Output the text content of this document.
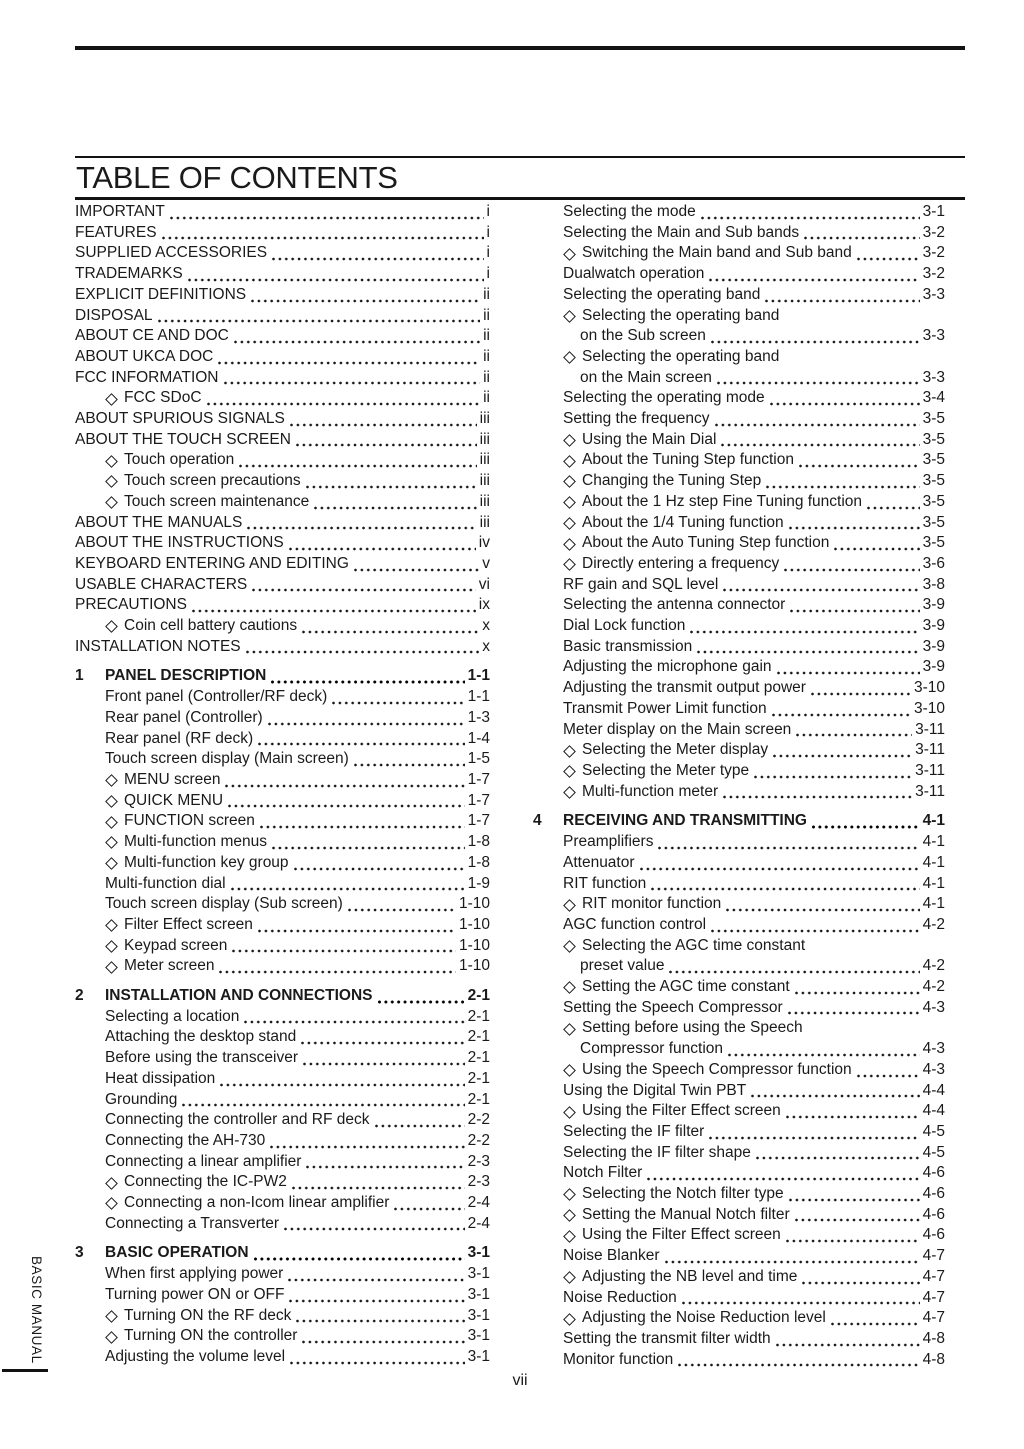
TABLE OF CONTENTS
IMPORTANT	i
FEATURES	i
SUPPLIED ACCESSORIES	i
TRADEMARKS	i
EXPLICIT DEFINITIONS	ii
DISPOSAL	ii
ABOUT CE AND DOC	ii
ABOUT UKCA DOC	ii
FCC INFORMATION	ii
FCC SDoC	ii
ABOUT SPURIOUS SIGNALS	iii
ABOUT THE TOUCH SCREEN	iii
Touch operation	iii
Touch screen precautions	iii
Touch screen maintenance	iii
ABOUT THE MANUALS	iii
ABOUT THE INSTRUCTIONS	iv
KEYBOARD ENTERING AND EDITING	v
USABLE CHARACTERS	vi
PRECAUTIONS	ix
Coin cell battery cautions	x
INSTALLATION NOTES	x
1	PANEL DESCRIPTION	1-1
Front panel (Controller/RF deck)	1-1
Rear panel (Controller)	1-3
Rear panel (RF deck)	1-4
Touch screen display (Main screen)	1-5
MENU screen	1-7
QUICK MENU	1-7
FUNCTION screen	1-7
Multi-function menus	1-8
Multi-function key group	1-8
Multi-function dial	1-9
Touch screen display (Sub screen)	1-10
Filter Effect screen	1-10
Keypad screen	1-10
Meter screen	1-10
2	INSTALLATION AND CONNECTIONS	2-1
Selecting a location	2-1
Attaching the desktop stand	2-1
Before using the transceiver	2-1
Heat dissipation	2-1
Grounding	2-1
Connecting the controller and RF deck	2-2
Connecting the AH-730	2-2
Connecting a linear amplifier	2-3
Connecting the IC-PW2	2-3
Connecting a non-Icom linear amplifier	2-4
Connecting a Transverter	2-4
3	BASIC OPERATION	3-1
When first applying power	3-1
Turning power ON or OFF	3-1
Turning ON the RF deck	3-1
Turning ON the controller	3-1
Adjusting the volume level	3-1
Selecting the mode	3-1
Selecting the Main and Sub bands	3-2
Switching the Main band and Sub band	3-2
Dualwatch operation	3-2
Selecting the operating band	3-3
Selecting the operating band
on the Sub screen	3-3
Selecting the operating band
on the Main screen	3-3
Selecting the operating mode	3-4
Setting the frequency	3-5
Using the Main Dial	3-5
About the Tuning Step function	3-5
Changing the Tuning Step	3-5
About the 1 Hz step Fine Tuning function	3-5
About the 1/4 Tuning function	3-5
About the Auto Tuning Step function	3-5
Directly entering a frequency	3-6
RF gain and SQL level	3-8
Selecting the antenna connector	3-9
Dial Lock function	3-9
Basic transmission	3-9
Adjusting the microphone gain	3-9
Adjusting the transmit output power	3-10
Transmit Power Limit function	3-10
Meter display on the Main screen	3-11
Selecting the Meter display	3-11
Selecting the Meter type	3-11
Multi-function meter	3-11
4	RECEIVING AND TRANSMITTING	4-1
Preamplifiers	4-1
Attenuator	4-1
RIT function	4-1
RIT monitor function	4-1
AGC function control	4-2
Selecting the AGC time constant
preset value	4-2
Setting the AGC time constant	4-2
Setting the Speech Compressor	4-3
Setting before using the Speech
Compressor function	4-3
Using the Speech Compressor function	4-3
Using the Digital Twin PBT	4-4
Using the Filter Effect screen	4-4
Selecting the IF filter	4-5
Selecting the IF filter shape	4-5
Notch Filter	4-6
Selecting the Notch filter type	4-6
Setting the Manual Notch filter	4-6
Using the Filter Effect screen	4-6
Noise Blanker	4-7
Adjusting the NB level and time	4-7
Noise Reduction	4-7
Adjusting the Noise Reduction level	4-7
Setting the transmit filter width	4-8
Monitor function	4-8
BASIC MANUAL
vii
